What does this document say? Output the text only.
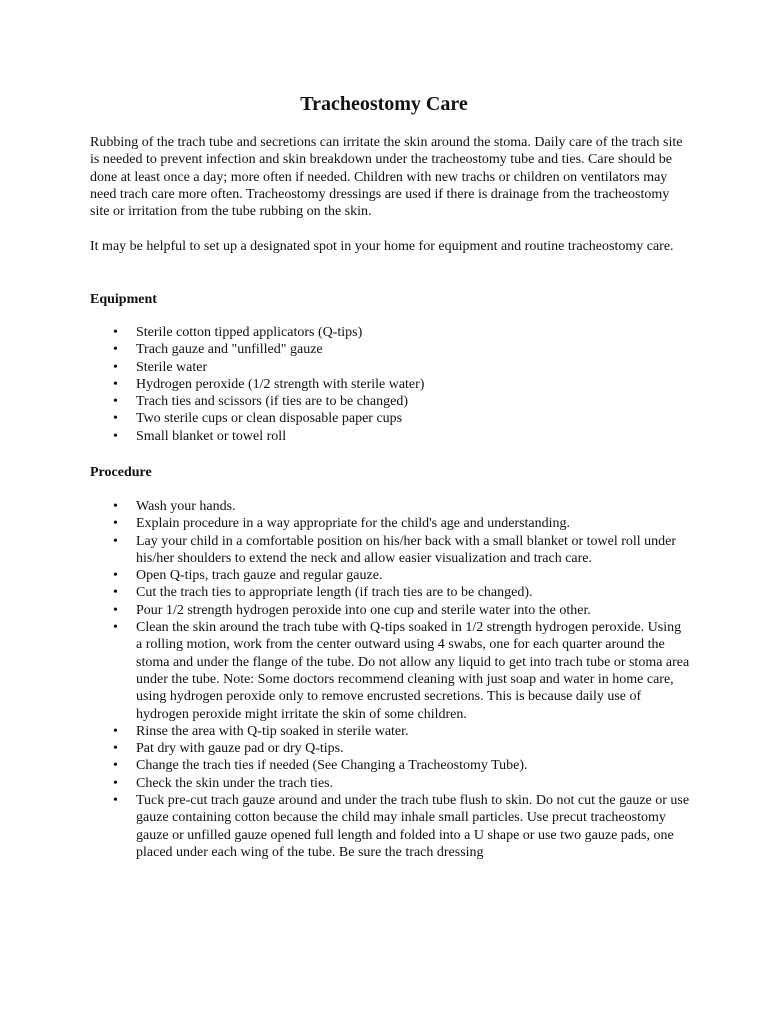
Tracheostomy Care

Rubbing of the trach tube and secretions can irritate the skin around the stoma. Daily care of the trach site is needed to prevent infection and skin breakdown under the tracheostomy tube and ties. Care should be done at least once a day; more often if needed. Children with new trachs or children on ventilators may need trach care more often. Tracheostomy dressings are used if there is drainage from the tracheostomy site or irritation from the tube rubbing on the skin.

It may be helpful to set up a designated spot in your home for equipment and routine tracheostomy care.

Equipment
• Sterile cotton tipped applicators (Q-tips)
• Trach gauze and "unfilled" gauze
• Sterile water
• Hydrogen peroxide (1/2 strength with sterile water)
• Trach ties and scissors (if ties are to be changed)
• Two sterile cups or clean disposable paper cups
• Small blanket or towel roll
Procedure
• Wash your hands.
• Explain procedure in a way appropriate for the child's age and understanding.
• Lay your child in a comfortable position on his/her back with a small blanket or towel roll under his/her shoulders to extend the neck and allow easier visualization and trach care.
• Open Q-tips, trach gauze and regular gauze.
• Cut the trach ties to appropriate length (if trach ties are to be changed).
• Pour 1/2 strength hydrogen peroxide into one cup and sterile water into the other.
• Clean the skin around the trach tube with Q-tips soaked in 1/2 strength hydrogen peroxide. Using a rolling motion, work from the center outward using 4 swabs, one for each quarter around the stoma and under the flange of the tube. Do not allow any liquid to get into trach tube or stoma area under the tube. Note: Some doctors recommend cleaning with just soap and water in home care, using hydrogen peroxide only to remove encrusted secretions. This is because daily use of hydrogen peroxide might irritate the skin of some children.
• Rinse the area with Q-tip soaked in sterile water.
• Pat dry with gauze pad or dry Q-tips.
• Change the trach ties if needed (See Changing a Tracheostomy Tube).
• Check the skin under the trach ties.
• Tuck pre-cut trach gauze around and under the trach tube flush to skin. Do not cut the gauze or use gauze containing cotton because the child may inhale small particles. Use precut tracheostomy gauze or unfilled gauze opened full length and folded into a U shape or use two gauze pads, one placed under each wing of the tube. Be sure the trach dressing
